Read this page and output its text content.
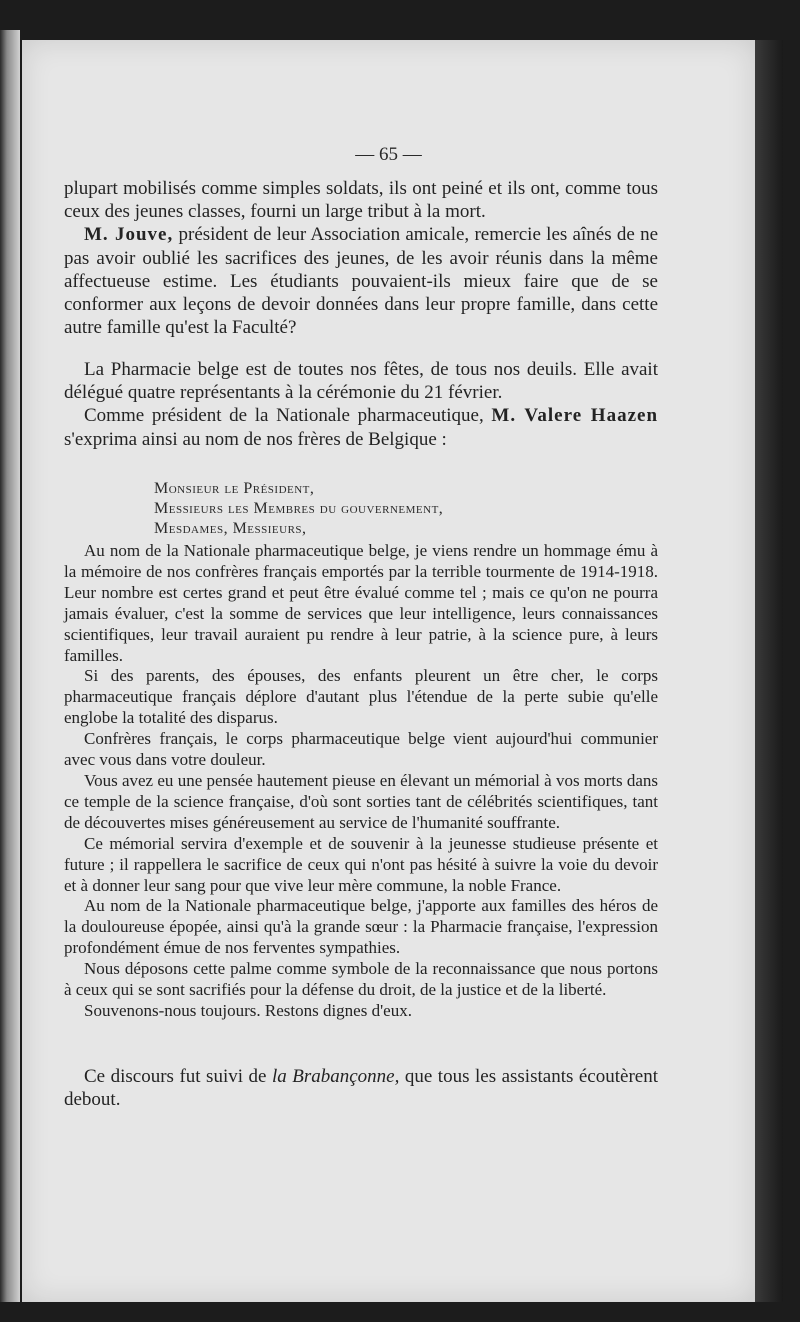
— 65 —

plupart mobilisés comme simples soldats, ils ont peiné et ils ont, comme tous ceux des jeunes classes, fourni un large tribut à la mort.

M. Jouve, président de leur Association amicale, remercie les aînés de ne pas avoir oublié les sacrifices des jeunes, de les avoir réunis dans la même affectueuse estime. Les étudiants pouvaient-ils mieux faire que de se conformer aux leçons de devoir données dans leur propre famille, dans cette autre famille qu'est la Faculté?

La Pharmacie belge est de toutes nos fêtes, de tous nos deuils. Elle avait délégué quatre représentants à la cérémonie du 21 février.

Comme président de la Nationale pharmaceutique, M. Valere Haazen s'exprima ainsi au nom de nos frères de Belgique :

Monsieur le Président,
Messieurs les Membres du gouvernement,
Mesdames, Messieurs,

Au nom de la Nationale pharmaceutique belge, je viens rendre un hommage ému à la mémoire de nos confrères français emportés par la terrible tourmente de 1914-1918. Leur nombre est certes grand et peut être évalué comme tel ; mais ce qu'on ne pourra jamais évaluer, c'est la somme de services que leur intelligence, leurs connaissances scientifiques, leur travail auraient pu rendre à leur patrie, à la science pure, à leurs familles.

Si des parents, des épouses, des enfants pleurent un être cher, le corps pharmaceutique français déplore d'autant plus l'étendue de la perte subie qu'elle englobe la totalité des disparus.

Confrères français, le corps pharmaceutique belge vient aujourd'hui communier avec vous dans votre douleur.

Vous avez eu une pensée hautement pieuse en élevant un mémorial à vos morts dans ce temple de la science française, d'où sont sorties tant de célébrités scientifiques, tant de découvertes mises généreusement au service de l'humanité souffrante.

Ce mémorial servira d'exemple et de souvenir à la jeunesse studieuse présente et future ; il rappellera le sacrifice de ceux qui n'ont pas hésité à suivre la voie du devoir et à donner leur sang pour que vive leur mère commune, la noble France.

Au nom de la Nationale pharmaceutique belge, j'apporte aux familles des héros de la douloureuse épopée, ainsi qu'à la grande sœur : la Pharmacie française, l'expression profondément émue de nos ferventes sympathies.

Nous déposons cette palme comme symbole de la reconnaissance que nous portons à ceux qui se sont sacrifiés pour la défense du droit, de la justice et de la liberté.

Souvenons-nous toujours. Restons dignes d'eux.

Ce discours fut suivi de la Brabançonne, que tous les assistants écoutèrent debout.
